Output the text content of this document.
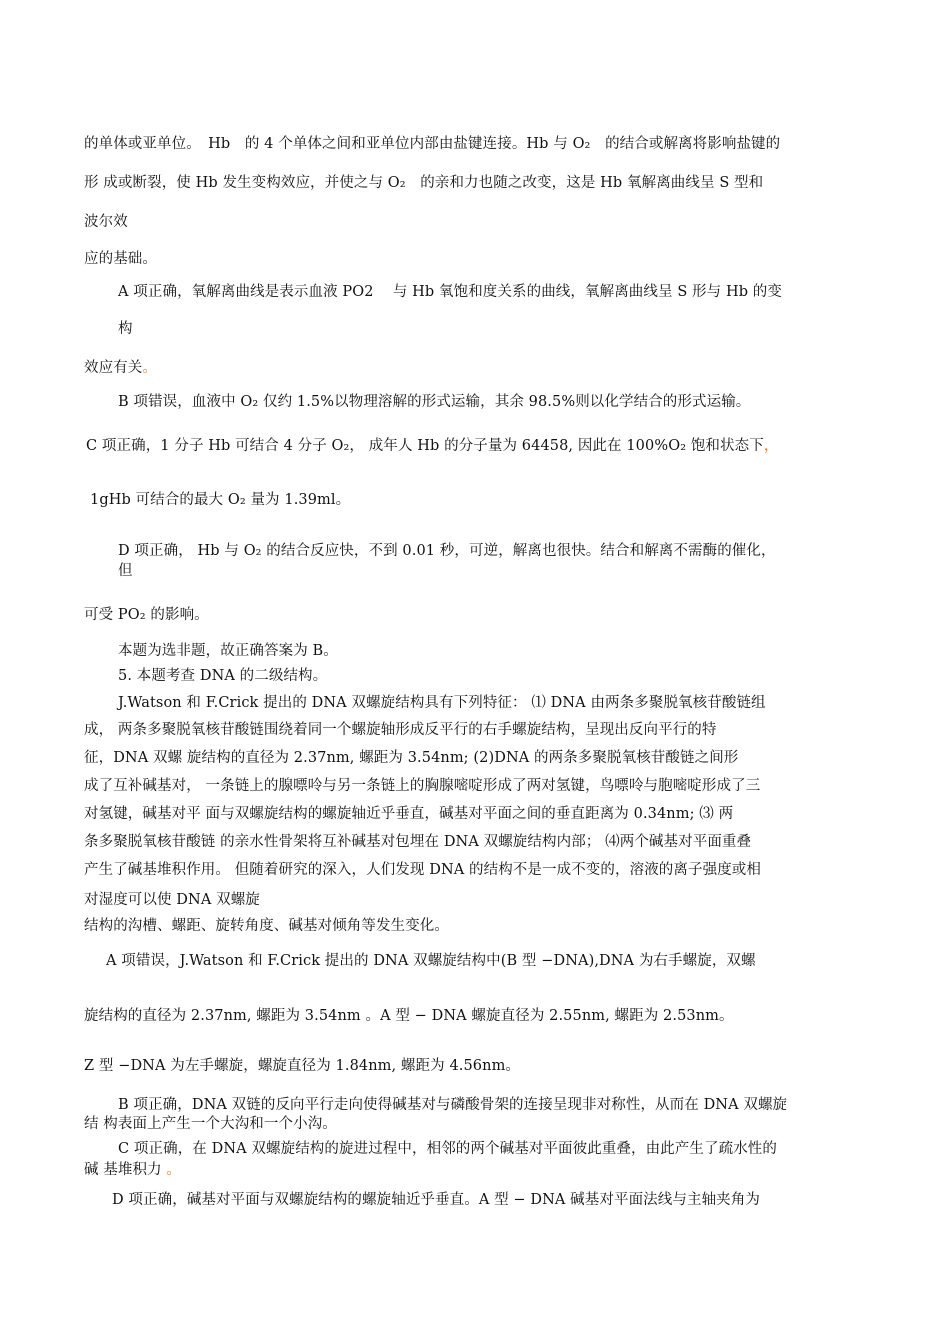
的单体或亚单位。　Hb　的 4 个单体之间和亚单位内部由盐键连接。Hb 与 O₂　的结合或解离将影响盐键的

形 成或断裂，使 Hb 发生变构效应，并使之与 O₂　的亲和力也随之改变，这是 Hb 氧解离曲线呈 S 型和

波尔效

应的基础。

A 项正确，氧解离曲线是表示血液 PO2　 与 Hb 氧饱和度关系的曲线，氧解离曲线呈 S 形与 Hb 的变

构

效应有关。

B 项错误，血液中 O₂ 仅约 1.5%以物理溶解的形式运输，其余 98.5%则以化学结合的形式运输。

C 项正确，1 分子 Hb 可结合 4 分子 O₂， 成年人 Hb 的分子量为 64458, 因此在 100%O₂ 饱和状态下，

1gHb 可结合的最大 O₂ 量为 1.39ml。

D 项正确， Hb 与 O₂ 的结合反应快，不到 0.01 秒，可逆，解离也很快。结合和解离不需酶的催化，

但

可受 PO₂ 的影响。

本题为选非题，故正确答案为 B。

5. 本题考查 DNA 的二级结构。

J.Watson 和 F.Crick 提出的 DNA 双螺旋结构具有下列特征： ⑴ DNA 由两条多聚脱氧核苷酸链组

成， 两条多聚脱氧核苷酸链围绕着同一个螺旋轴形成反平行的右手螺旋结构，呈现出反向平行的特

征，DNA 双螺 旋结构的直径为 2.37nm, 螺距为 3.54nm; (2)DNA 的两条多聚脱氧核苷酸链之间形

成了互补碱基对， 一条链上的腺嘌呤与另一条链上的胸腺嘧啶形成了两对氢键，鸟嘌呤与胞嘧啶形成了三

对氢键，碱基对平 面与双螺旋结构的螺旋轴近乎垂直，碱基对平面之间的垂直距离为 0.34nm; ⑶ 两

条多聚脱氧核苷酸链 的亲水性骨架将互补碱基对包埋在 DNA 双螺旋结构内部； ⑷两个碱基对平面重叠

产生了碱基堆积作用。 但随着研究的深入，人们发现 DNA 的结构不是一成不变的，溶液的离子强度或相

对湿度可以使 DNA 双螺旋

结构的沟槽、螺距、旋转角度、碱基对倾角等发生变化。

A 项错误，J.Watson 和 F.Crick 提出的 DNA 双螺旋结构中(B 型 −DNA),DNA 为右手螺旋，双螺

旋结构的直径为 2.37nm, 螺距为 3.54nm 。A 型 − DNA 螺旋直径为 2.55nm, 螺距为 2.53nm。

Z 型 −DNA 为左手螺旋，螺旋直径为 1.84nm, 螺距为 4.56nm。

B 项正确，DNA 双链的反向平行走向使得碱基对与磷酸骨架的连接呈现非对称性，从而在 DNA 双螺旋

结 构表面上产生一个大沟和一个小沟。

C 项正确，在 DNA 双螺旋结构的旋进过程中，相邻的两个碱基对平面彼此重叠，由此产生了疏水性的

碱 基堆积力 。

D 项正确，碱基对平面与双螺旋结构的螺旋轴近乎垂直。A 型 − DNA 碱基对平面法线与主轴夹角为
